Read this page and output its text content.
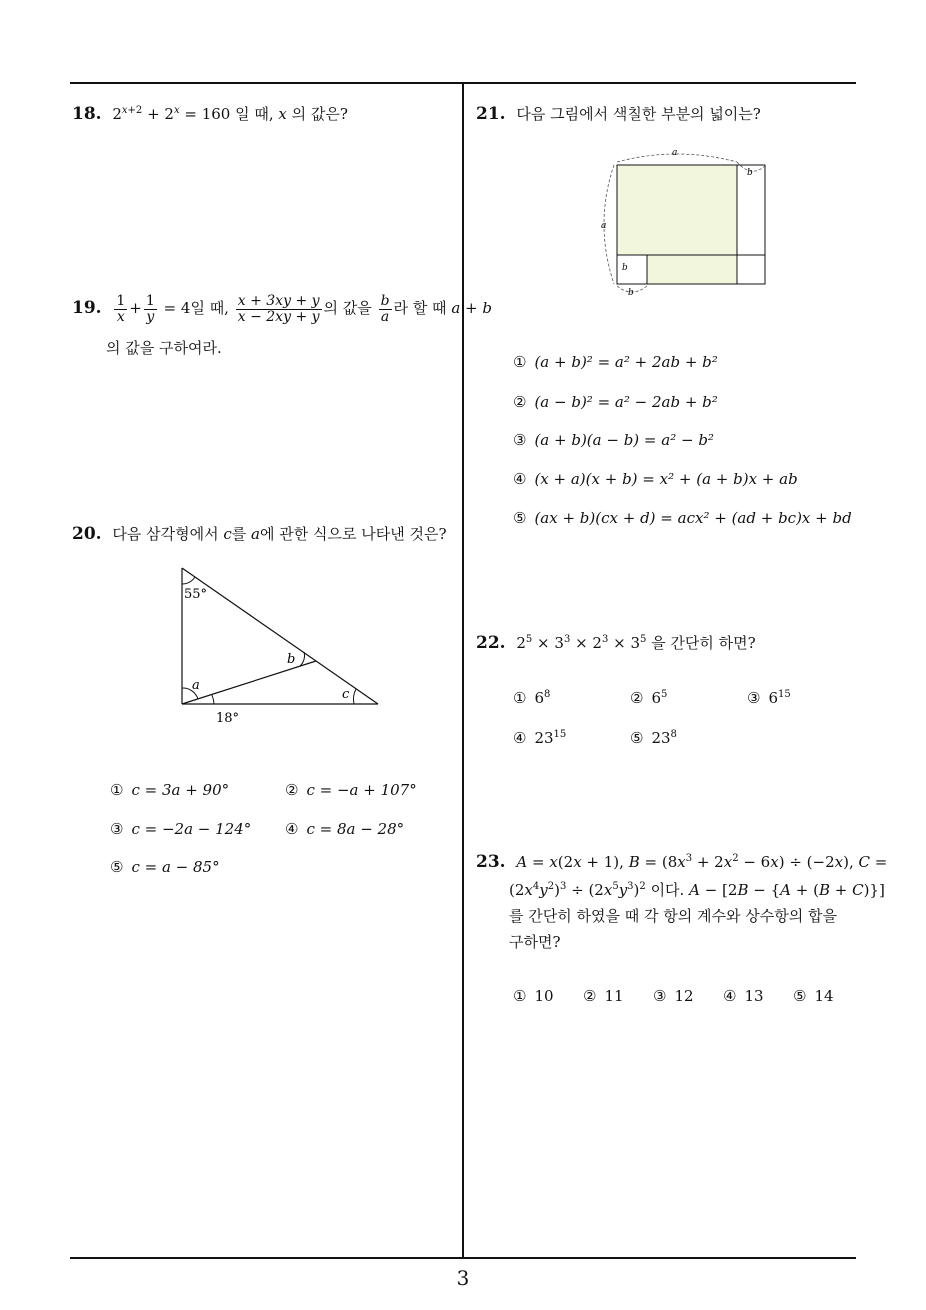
18. $2^{x+2} + 2^x = 160$ 일 때, x 의 값은?
19. $\frac{1}{x} + \frac{1}{y} = 4$일 때, $\frac{x + 3xy + y}{x - 2xy + y}$ 의 값을 $\frac{b}{a}$ 라 할 때 a + b
의 값을 구하여라.
20. 다음 삼각형에서 c를 a에 관한 식으로 나타낸 것은?
55°
b
a
c
18°
① c = 3a + 90°	② c = −a + 107°
③ c = −2a − 124° ④ c = 8a − 28°
⑤ c = a − 85°
21. 다음 그림에서 색칠한 부분의 넓이는?
a
a
b
b
b
① (a + b)² = a² + 2ab + b²
② (a − b)² = a² − 2ab + b²
③ (a + b)(a − b) = a² − b²
④ (x + a)(x + b) = x² + (a + b)x + ab
⑤ (ax + b)(cx + d) = acx² + (ad + bc)x + bd
22. $2^5 \times 3^3 \times 2^3 \times 3^5$ 을 간단히 하면?
① $6^8$	② $6^5$	③ $6^{15}$
④ $23^{15}$	⑤ $23^8$
23. A = x(2x + 1), $B = (8x^3 + 2x^2 - 6x) \div (-2x)$, C =
$(2x^4y^2)^3 \div (2x^5y^3)^2$ 이다. A − [2B − {A + (B + C)}]
를 간단히 하였을 때 각 항의 계수와 상수항의 합을
구하면?
① 10 ② 11 ③ 12 ④ 13 ⑤ 14
3
